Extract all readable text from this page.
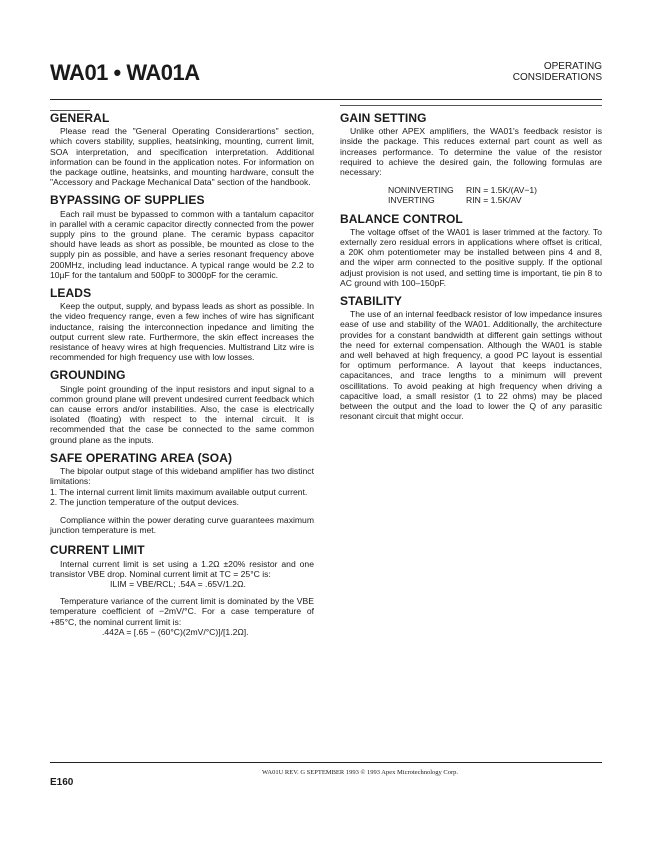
WA01 • WA01A	OPERATING
CONSIDERATIONS
GENERAL

Please read the "General Operating Considerartions" section, which covers stability, supplies, heatsinking, mounting, current limit, SOA interpretation, and specification interpretation. Additional information can be found in the application notes. For information on the package outline, heatsinks, and mounting hardware, consult the "Accessory and Package Mechanical Data" section of the handbook.

BYPASSING OF SUPPLIES

Each rail must be bypassed to common with a tantalum capacitor in parallel with a ceramic capacitor directly connected from the power supply pins to the ground plane. The ceramic bypass capacitor should have leads as short as possible, be mounted as close to the supply pin as possible, and have a series resonant frequency above 200MHz, including lead inductance. A typical range would be 2.2 to 10µF for the tantalum and 500pF to 3000pF for the ceramic.

LEADS

Keep the output, supply, and bypass leads as short as possible. In the video frequency range, even a few inches of wire has significant inductance, raising the interconnection inpedance and limiting the output current slew rate. Furthermore, the skin effect increases the resistance of heavy wires at high frequencies. Multistrand Litz wire is recommended for high frequency use with low losses.

GROUNDING

Single point grounding of the input resistors and input signal to a common ground plane will prevent undesired current feedback which can cause errors and/or instabilities. Also, the case is electrically isolated (floating) with respect to the internal circuit. It is recommended that the case be connected to the same common ground plane as the inputs.

SAFE OPERATING AREA (SOA)

The bipolar output stage of this wideband amplifier has two distinct limitations:

1. The internal current limit limits maximum available output current.

2. The junction temperature of the output devices.

Compliance within the power derating curve guarantees maximum junction temperature is met.

CURRENT LIMIT

Internal current limit is set using a 1.2Ω ±20% resistor and one transistor VBE drop. Nominal current limit at TC = 25°C is:

ILIM = VBE/RCL; .54A = .65V/1.2Ω.

Temperature variance of the current limit is dominated by the VBE temperature coefficient of −2mV/°C. For a case temperature of +85°C, the nominal current limit is:

.442A = [.65 − (60°C)(2mV/°C)]/[1.2Ω].

GAIN SETTING

Unlike other APEX amplifiers, the WA01's feedback resistor is inside the package. This reduces external part count as well as increases performance. To determine the value of the resistor required to achieve the desired gain, the following formulas are necessary:

NONINVERTING	RIN = 1.5K/(AV−1)
INVERTING	RIN = 1.5K/AV
BALANCE CONTROL

The voltage offset of the WA01 is laser trimmed at the factory. To externally zero residual errors in applications where offset is critical, a 20K ohm potentiometer may be installed between pins 4 and 8, and the wiper arm connected to the positive supply. If the optional adjust provision is not used, and setting time is important, tie pin 8 to AC ground with 100–150pF.

STABILITY

The use of an internal feedback resistor of low impedance insures ease of use and stability of the WA01. Additionally, the architecture provides for a constant bandwidth at different gain settings without the need for external compensation. Although the WA01 is stable and well behaved at high frequency, a good PC layout is essential for optimum performance. A layout that keeps inductances, capacitances, and trace lengths to a minimum will prevent oscillitations. To avoid peaking at high frequency when driving a capacitive load, a small resistor (1 to 22 ohms) may be placed between the output and the load to lower the Q of any parasitic resonant circuit that might occur.

E160
WA01U REV. G SEPTEMBER 1993 © 1993 Apex Microtechnology Corp.
